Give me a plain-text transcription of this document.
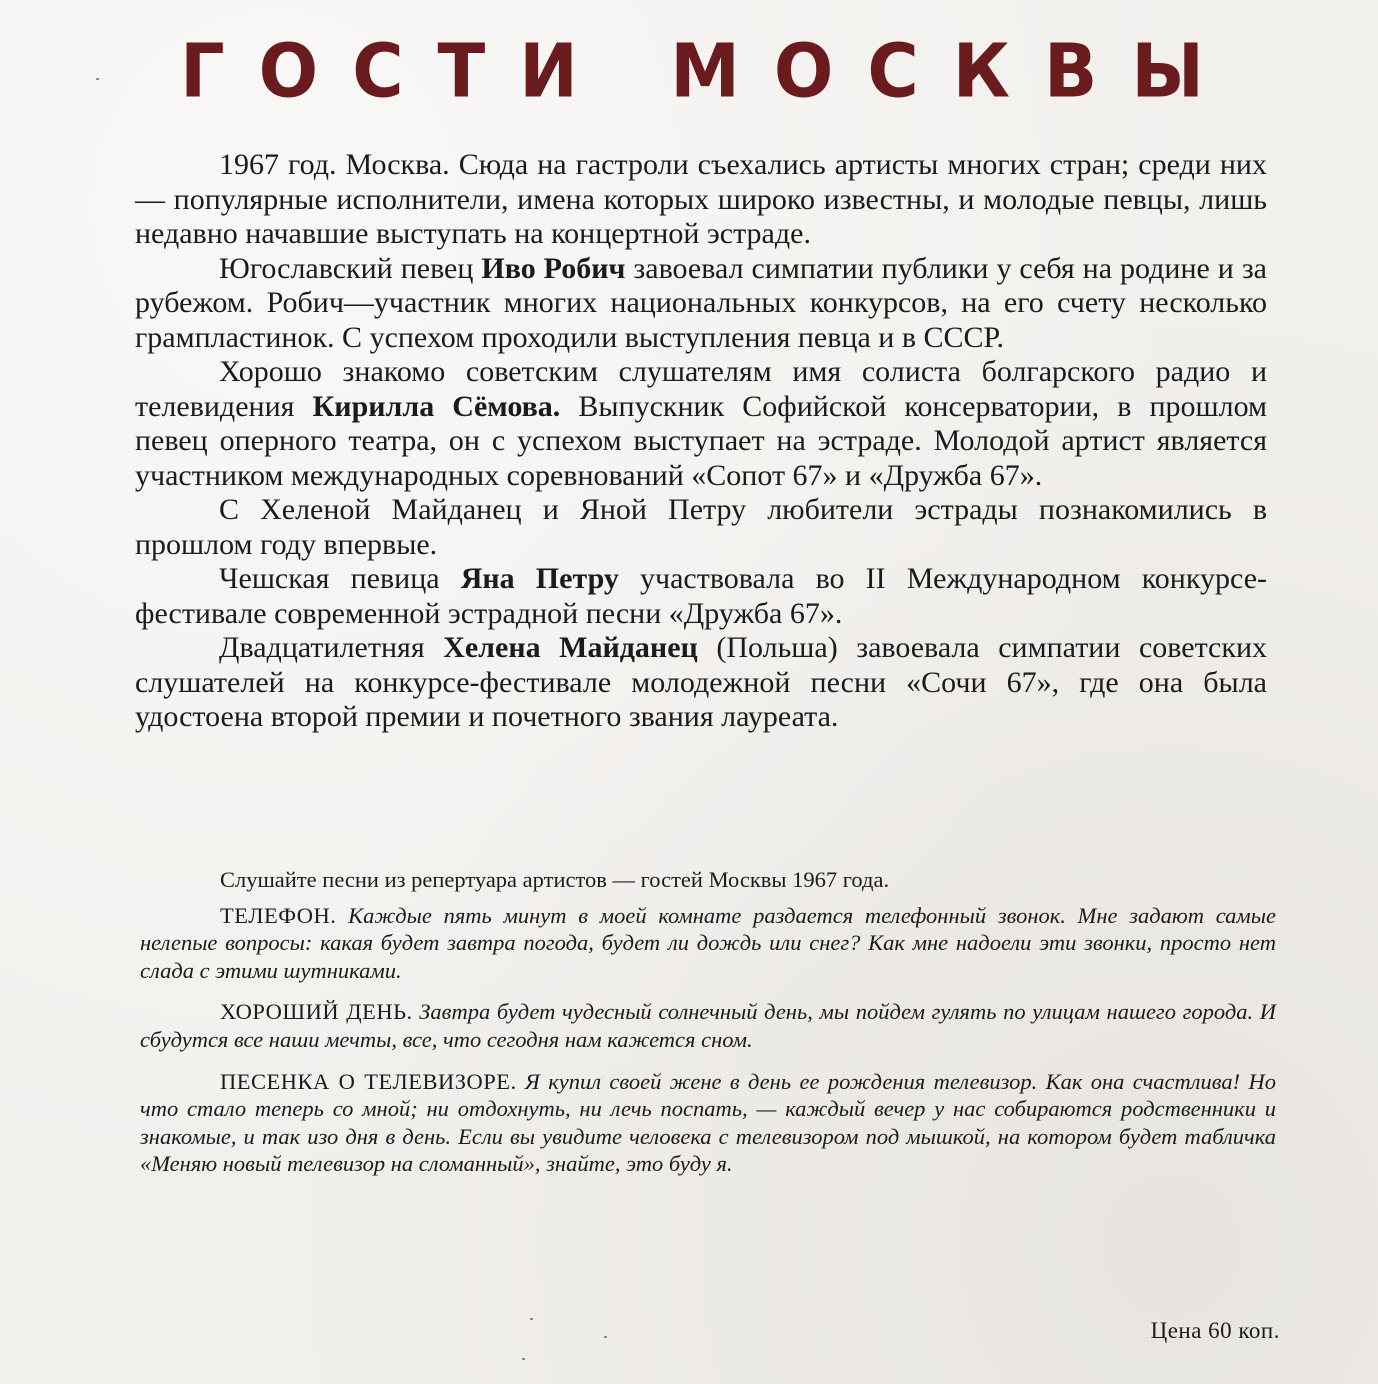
ГОСТИ МОСКВЫ

1967 год. Москва. Сюда на гастроли съехались артисты многих стран; среди них — популярные исполнители, имена которых широко известны, и молодые певцы, лишь недавно начавшие выступать на концертной эстраде.

Югославский певец Иво Робич завоевал симпатии публики у себя на родине и за рубежом. Робич—участник многих национальных конкурсов, на его счету несколько грампластинок. С успехом проходили выступления певца и в СССР.

Хорошо знакомо советским слушателям имя солиста болгарского радио и телевидения Кирилла Сёмова. Выпускник Софийской консерватории, в прошлом певец оперного театра, он с успехом выступает на эстраде. Молодой артист является участником международных соревнований «Сопот 67» и «Дружба 67».

С Хеленой Майданец и Яной Петру любители эстрады познакомились в прошлом году впервые.

Чешская певица Яна Петру участвовала во II Международном конкурсе-фестивале современной эстрадной песни «Дружба 67».

Двадцатилетняя Хелена Майданец (Польша) завоевала симпатии советских слушателей на конкурсе-фестивале молодежной песни «Сочи 67», где она была удостоена второй премии и почетного звания лауреата.

Слушайте песни из репертуара артистов — гостей Москвы 1967 года.

ТЕЛЕФОН. Каждые пять минут в моей комнате раздается телефонный звонок. Мне задают самые нелепые вопросы: какая будет завтра погода, будет ли дождь или снег? Как мне надоели эти звонки, просто нет слада с этими шутниками.

ХОРОШИЙ ДЕНЬ. Завтра будет чудесный солнечный день, мы пойдем гулять по улицам нашего города. И сбудутся все наши мечты, все, что сегодня нам кажется сном.

ПЕСЕНКА О ТЕЛЕВИЗОРЕ. Я купил своей жене в день ее рождения телевизор. Как она счастлива! Но что стало теперь со мной; ни отдохнуть, ни лечь поспать, — каждый вечер у нас собираются родственники и знакомые, и так изо дня в день. Если вы увидите человека с телевизором под мышкой, на котором будет табличка «Меняю новый телевизор на сломанный», знайте, это буду я.

Цена 60 коп.
